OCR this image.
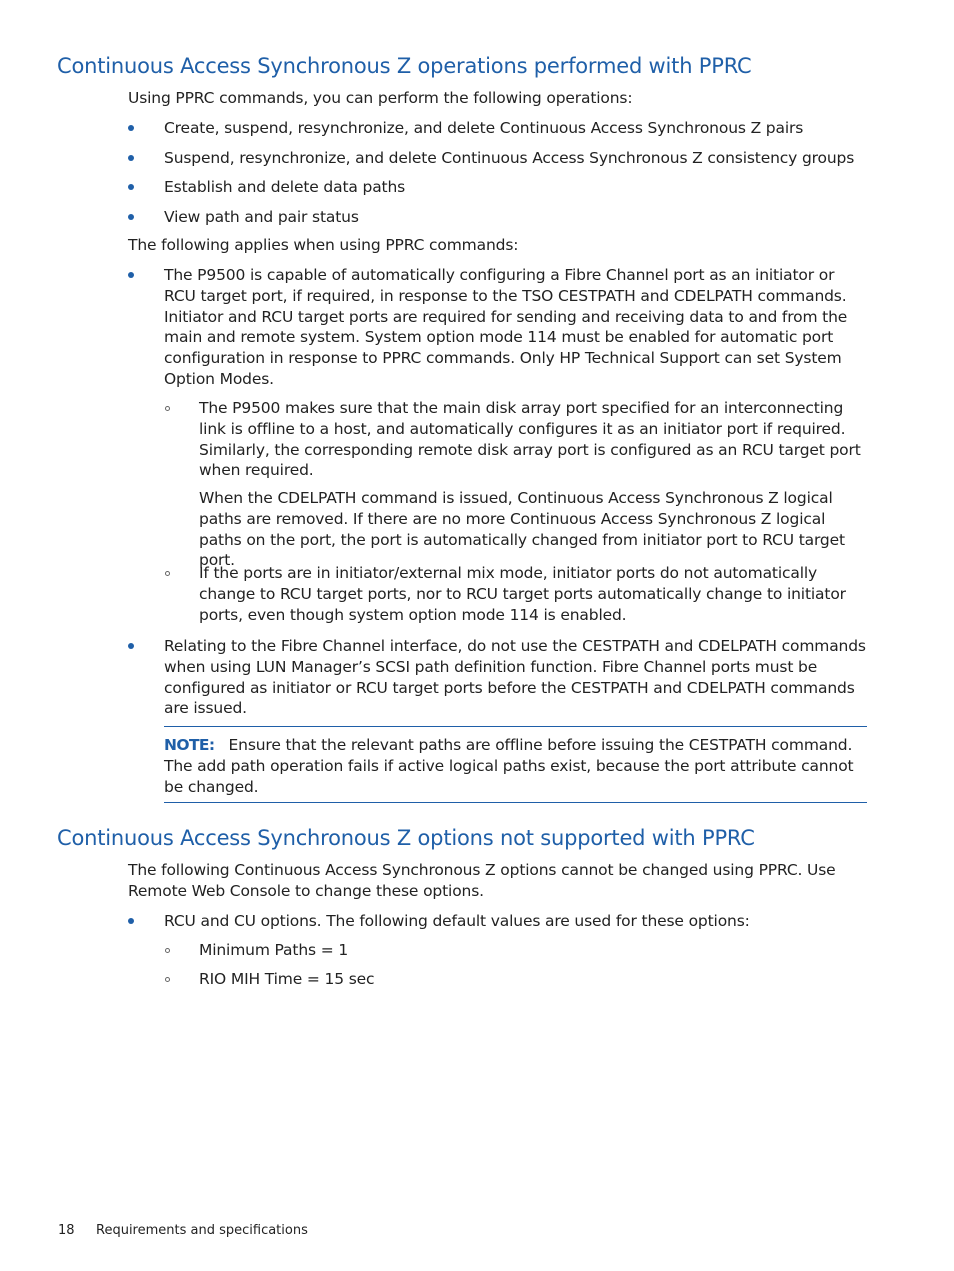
Continuous Access Synchronous Z operations performed with PPRC

Using PPRC commands, you can perform the following operations:

Create, suspend, resynchronize, and delete Continuous Access Synchronous Z pairs
Suspend, resynchronize, and delete Continuous Access Synchronous Z consistency groups
Establish and delete data paths
View path and pair status

The following applies when using PPRC commands:

The P9500 is capable of automatically configuring a Fibre Channel port as an initiator or RCU target port, if required, in response to the TSO CESTPATH and CDELPATH commands. Initiator and RCU target ports are required for sending and receiving data to and from the main and remote system. System option mode 114 must be enabled for automatic port configuration in response to PPRC commands. Only HP Technical Support can set System Option Modes.
The P9500 makes sure that the main disk array port specified for an interconnecting link is offline to a host, and automatically configures it as an initiator port if required. Similarly, the corresponding remote disk array port is configured as an RCU target port when required.

When the CDELPATH command is issued, Continuous Access Synchronous Z logical paths are removed. If there are no more Continuous Access Synchronous Z logical paths on the port, the port is automatically changed from initiator port to RCU target port.

If the ports are in initiator/external mix mode, initiator ports do not automatically change to RCU target ports, nor to RCU target ports automatically change to initiator ports, even though system option mode 114 is enabled.
Relating to the Fibre Channel interface, do not use the CESTPATH and CDELPATH commands when using LUN Manager’s SCSI path definition function. Fibre Channel ports must be configured as initiator or RCU target ports before the CESTPATH and CDELPATH commands are issued.

NOTE: Ensure that the relevant paths are offline before issuing the CESTPATH command. The add path operation fails if active logical paths exist, because the port attribute cannot be changed.

Continuous Access Synchronous Z options not supported with PPRC

The following Continuous Access Synchronous Z options cannot be changed using PPRC. Use Remote Web Console to change these options.

RCU and CU options. The following default values are used for these options:
Minimum Paths = 1
RIO MIH Time = 15 sec
18 Requirements and specifications
